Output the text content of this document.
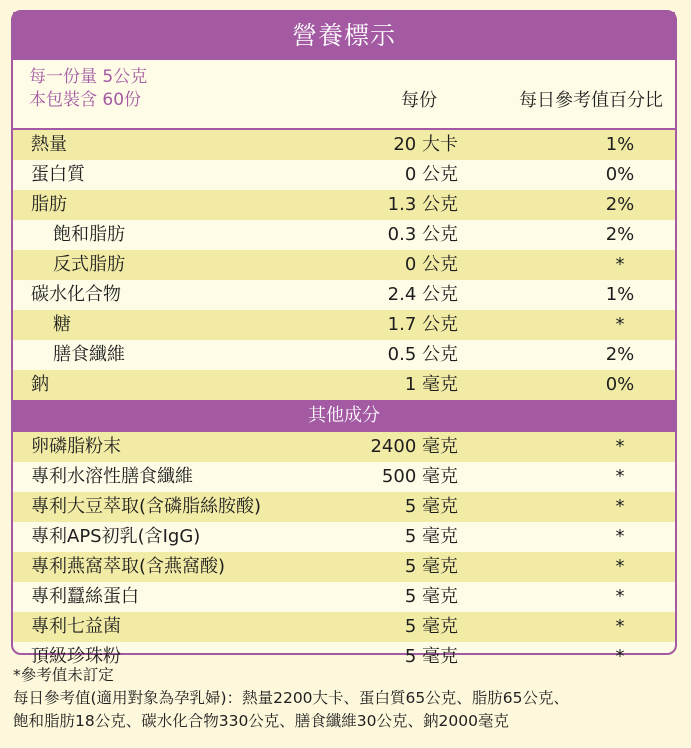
營養標示
每一份量 5公克
本包裝含 60份	每份	每日參考值百分比
熱量	20 大卡	1%
蛋白質	0 公克	0%
脂肪	1.3 公克	2%
飽和脂肪	0.3 公克	2%
反式脂肪	0 公克	*
碳水化合物	2.4 公克	1%
糖	1.7 公克	*
膳食纖維	0.5 公克	2%
鈉	1 毫克	0%
其他成分
卵磷脂粉末	2400 毫克	*
專利水溶性膳食纖維	500 毫克	*
專利大豆萃取(含磷脂絲胺酸)	5 毫克	*
專利APS初乳(含IgG)	5 毫克	*
專利燕窩萃取(含燕窩酸)	5 毫克	*
專利蠶絲蛋白	5 毫克	*
專利七益菌	5 毫克	*
頂級珍珠粉	5 毫克	*
*參考值未訂定
每日參考值(適用對象為孕乳婦)：熱量2200大卡、蛋白質65公克、脂肪65公克、
飽和脂肪18公克、碳水化合物330公克、膳食纖維30公克、鈉2000毫克
